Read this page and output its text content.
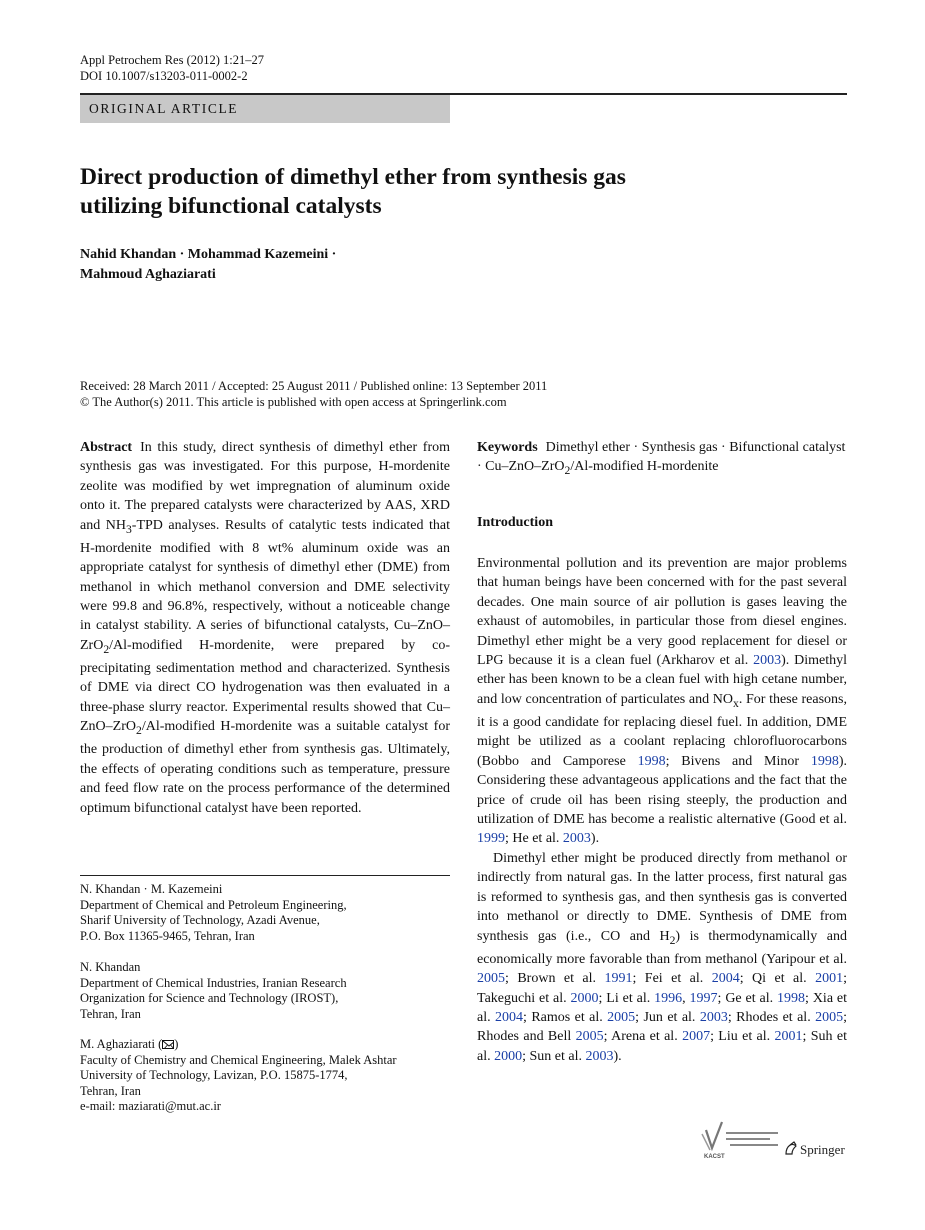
Appl Petrochem Res (2012) 1:21–27
DOI 10.1007/s13203-011-0002-2
ORIGINAL ARTICLE
Direct production of dimethyl ether from synthesis gas utilizing bifunctional catalysts
Nahid Khandan · Mohammad Kazemeini ·
Mahmoud Aghaziarati
Received: 28 March 2011 / Accepted: 25 August 2011 / Published online: 13 September 2011
© The Author(s) 2011. This article is published with open access at Springerlink.com
Abstract In this study, direct synthesis of dimethyl ether from synthesis gas was investigated. For this purpose, H-mordenite zeolite was modified by wet impregnation of aluminum oxide onto it. The prepared catalysts were characterized by AAS, XRD and $NH_3$-TPD analyses. Results of catalytic tests indicated that H-mordenite modified with 8 wt% aluminum oxide was an appropriate catalyst for synthesis of dimethyl ether (DME) from methanol in which methanol conversion and DME selectivity were 99.8 and 96.8%, respectively, without a noticeable change in catalyst stability. A series of bifunctional catalysts, Cu–ZnO–ZrO$_2$/Al-modified H-mordenite, were prepared by co-precipitating sedimentation method and characterized. Synthesis of DME via direct CO hydrogenation was then evaluated in a three-phase slurry reactor. Experimental results showed that Cu–ZnO–ZrO$_2$/Al-modified H-mordenite was a suitable catalyst for the production of dimethyl ether from synthesis gas. Ultimately, the effects of operating conditions such as temperature, pressure and feed flow rate on the process performance of the determined optimum bifunctional catalyst have been reported.
N. Khandan · M. Kazemeini
Department of Chemical and Petroleum Engineering,
Sharif University of Technology, Azadi Avenue,
P.O. Box 11365-9465, Tehran, Iran
N. Khandan
Department of Chemical Industries, Iranian Research
Organization for Science and Technology (IROST),
Tehran, Iran
M. Aghaziarati ( )
Faculty of Chemistry and Chemical Engineering, Malek Ashtar
University of Technology, Lavizan, P.O. 15875-1774,
Tehran, Iran
e-mail: maziarati@mut.ac.ir
Keywords Dimethyl ether · Synthesis gas · Bifunctional catalyst · Cu–ZnO–ZrO$_2$/Al-modified H-mordenite
Introduction

Environmental pollution and its prevention are major problems that human beings have been concerned with for the past several decades. One main source of air pollution is gases leaving the exhaust of automobiles, in particular those from diesel engines. Dimethyl ether might be a very good replacement for diesel or LPG because it is a clean fuel (Arkharov et al. 2003). Dimethyl ether has been known to be a clean fuel with high cetane number, and low concentration of particulates and $NO_x$. For these reasons, it is a good candidate for replacing diesel fuel. In addition, DME might be utilized as a coolant replacing chlorofluorocarbons (Bobbo and Camporese 1998; Bivens and Minor 1998). Considering these advantageous applications and the fact that the price of crude oil has been rising steeply, the production and utilization of DME has become a realistic alternative (Good et al. 1999; He et al. 2003).

Dimethyl ether might be produced directly from methanol or indirectly from natural gas. In the latter process, first natural gas is reformed to synthesis gas, and then synthesis gas is converted into methanol or directly to DME. Synthesis of DME from synthesis gas (i.e., CO and $H_2$) is thermodynamically and economically more favorable than from methanol (Yaripour et al. 2005; Brown et al. 1991; Fei et al. 2004; Qi et al. 2001; Takeguchi et al. 2000; Li et al. 1996, 1997; Ge et al. 1998; Xia et al. 2004; Ramos et al. 2005; Jun et al. 2003; Rhodes et al. 2005; Rhodes and Bell 2005; Arena et al. 2007; Liu et al. 2001; Suh et al. 2000; Sun et al. 2003).

KACST	Springer
